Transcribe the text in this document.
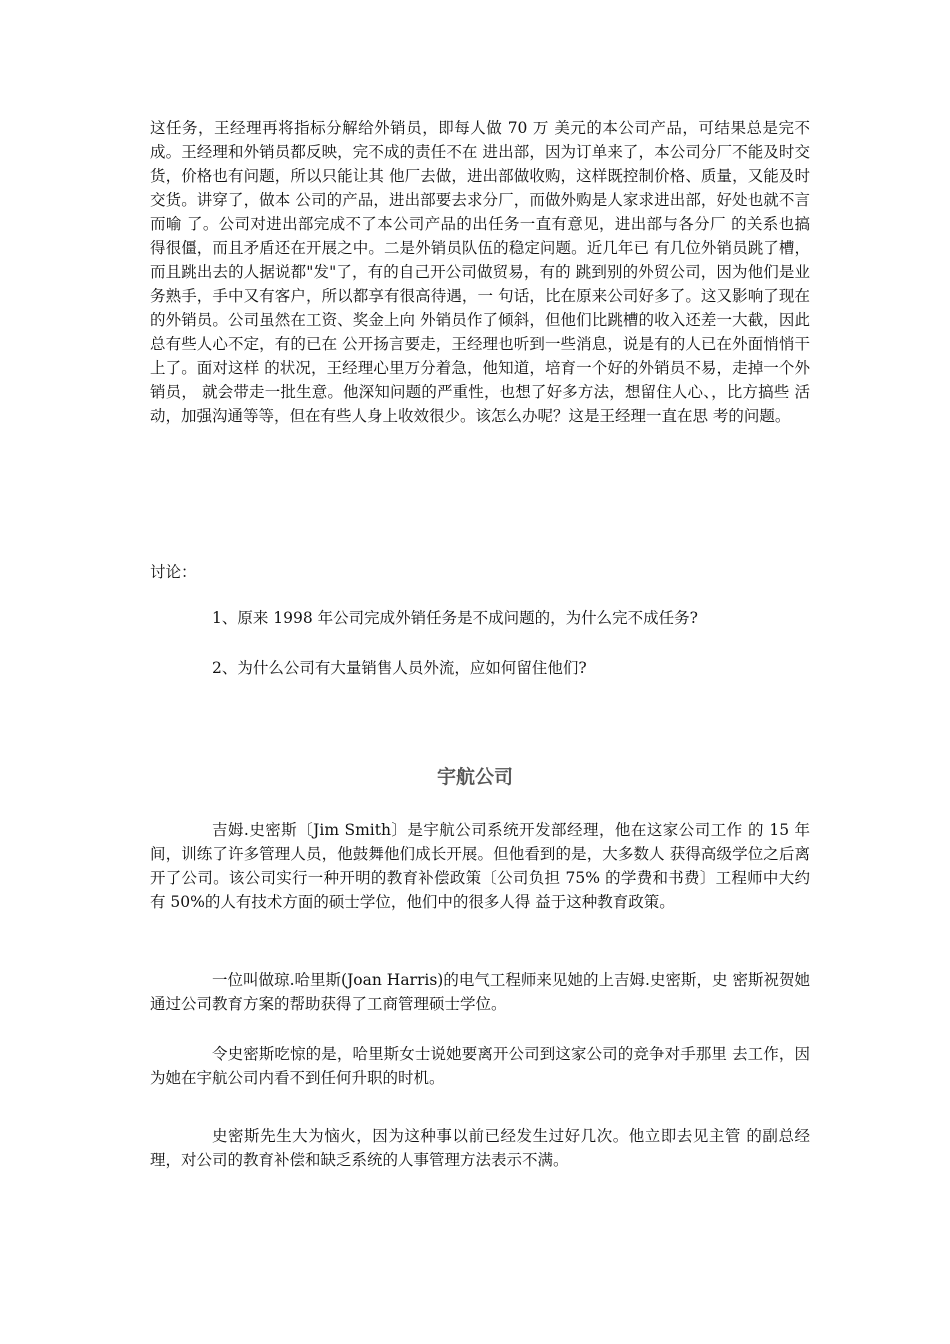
这任务，王经理再将指标分解给外销员，即每人做 70 万 美元的本公司产品，可结果总是完不成。王经理和外销员都反映，完不成的责任不在 进出部，因为订单来了，本公司分厂不能及时交货，价格也有问题，所以只能让其 他厂去做，进出部做收购，这样既控制价格、质量，又能及时交货。讲穿了，做本 公司的产品，进出部要去求分厂，而做外购是人家求进出部，好处也就不言而喻 了。公司对进出部完成不了本公司产品的出任务一直有意见，进出部与各分厂 的关系也搞得很僵，而且矛盾还在开展之中。二是外销员队伍的稳定问题。近几年已 有几位外销员跳了槽，而且跳出去的人据说都"发"了，有的自己开公司做贸易，有的 跳到别的外贸公司，因为他们是业务熟手，手中又有客户，所以都享有很高待遇，一 句话，比在原来公司好多了。这又影响了现在的外销员。公司虽然在工资、奖金上向 外销员作了倾斜，但他们比跳槽的收入还差一大截，因此总有些人心不定，有的已在 公开扬言要走，王经理也听到一些消息，说是有的人已在外面悄悄干上了。面对这样 的状况，王经理心里万分着急，他知道，培育一个好的外销员不易，走掉一个外销员， 就会带走一批生意。他深知问题的严重性，也想了好多方法，想留住人心、，比方搞些 活动，加强沟通等等，但在有些人身上收效很少。该怎么办呢？这是王经理一直在思 考的问题。

讨论：

1、原来 1998 年公司完成外销任务是不成问题的，为什么完不成任务?

2、为什么公司有大量销售人员外流，应如何留住他们?

宇航公司

吉姆.史密斯〔Jim Smith〕是宇航公司系统开发部经理，他在这家公司工作 的 15 年间，训练了许多管理人员，他鼓舞他们成长开展。但他看到的是，大多数人 获得高级学位之后离开了公司。该公司实行一种开明的教育补偿政策〔公司负担 75% 的学费和书费〕工程师中大约有 50%的人有技术方面的硕士学位，他们中的很多人得 益于这种教育政策。

一位叫做琼.哈里斯(Joan Harris)的电气工程师来见她的上吉姆.史密斯，史 密斯祝贺她通过公司教育方案的帮助获得了工商管理硕士学位。

令史密斯吃惊的是，哈里斯女士说她要离开公司到这家公司的竞争对手那里 去工作，因为她在宇航公司内看不到任何升职的时机。

史密斯先生大为恼火，因为这种事以前已经发生过好几次。他立即去见主管 的副总经理，对公司的教育补偿和缺乏系统的人事管理方法表示不满。
